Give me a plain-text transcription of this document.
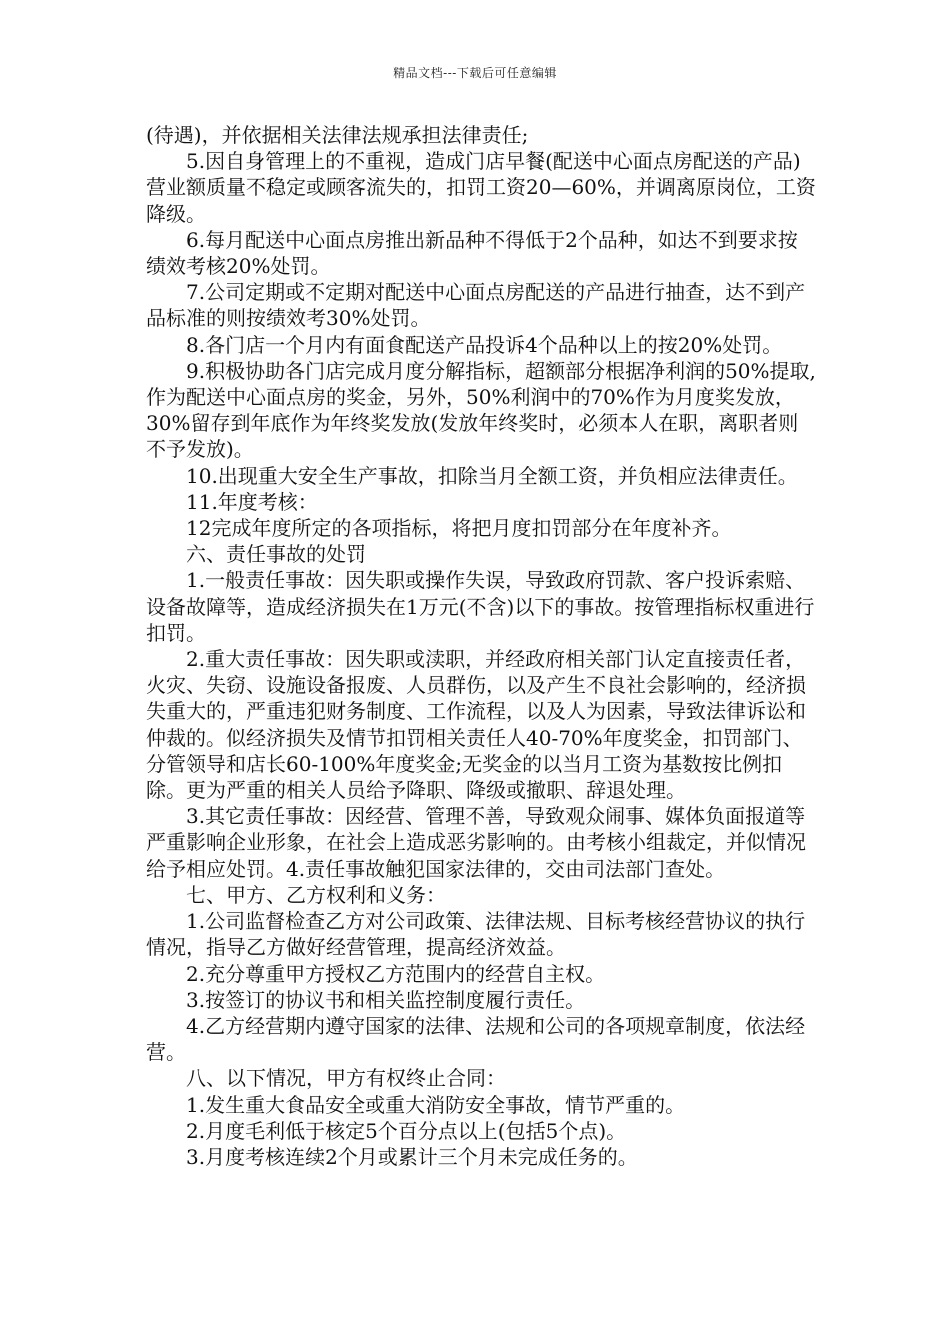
精品文档---下载后可任意编辑

(待遇)，并依据相关法律法规承担法律责任;

5.因自身管理上的不重视，造成门店早餐(配送中心面点房配送的产品)营业额质量不稳定或顾客流失的，扣罚工资20—60%，并调离原岗位，工资降级。

6.每月配送中心面点房推出新品种不得低于2个品种，如达不到要求按绩效考核20%处罚。

7.公司定期或不定期对配送中心面点房配送的产品进行抽查，达不到产品标准的则按绩效考30%处罚。

8.各门店一个月内有面食配送产品投诉4个品种以上的按20%处罚。

9.积极协助各门店完成月度分解指标，超额部分根据净利润的50%提取,作为配送中心面点房的奖金，另外，50%利润中的70%作为月度奖发放，30%留存到年底作为年终奖发放(发放年终奖时，必须本人在职，离职者则不予发放)。

10.出现重大安全生产事故，扣除当月全额工资，并负相应法律责任。

11.年度考核：

12完成年度所定的各项指标，将把月度扣罚部分在年度补齐。

六、责任事故的处罚

1.一般责任事故：因失职或操作失误，导致政府罚款、客户投诉索赔、设备故障等，造成经济损失在1万元(不含)以下的事故。按管理指标权重进行扣罚。

2.重大责任事故：因失职或渎职，并经政府相关部门认定直接责任者，火灾、失窃、设施设备报废、人员群伤，以及产生不良社会影响的，经济损失重大的，严重违犯财务制度、工作流程，以及人为因素，导致法律诉讼和仲裁的。似经济损失及情节扣罚相关责任人40-70%年度奖金，扣罚部门、分管领导和店长60-100%年度奖金;无奖金的以当月工资为基数按比例扣除。更为严重的相关人员给予降职、降级或撤职、辞退处理。

3.其它责任事故：因经营、管理不善，导致观众闹事、媒体负面报道等严重影响企业形象，在社会上造成恶劣影响的。由考核小组裁定，并似情况给予相应处罚。4.责任事故触犯国家法律的，交由司法部门查处。

七、甲方、乙方权利和义务：

1.公司监督检查乙方对公司政策、法律法规、目标考核经营协议的执行情况，指导乙方做好经营管理，提高经济效益。

2.充分尊重甲方授权乙方范围内的经营自主权。

3.按签订的协议书和相关监控制度履行责任。

4.乙方经营期内遵守国家的法律、法规和公司的各项规章制度，依法经营。

八、以下情况，甲方有权终止合同：

1.发生重大食品安全或重大消防安全事故，情节严重的。

2.月度毛利低于核定5个百分点以上(包括5个点)。

3.月度考核连续2个月或累计三个月未完成任务的。
